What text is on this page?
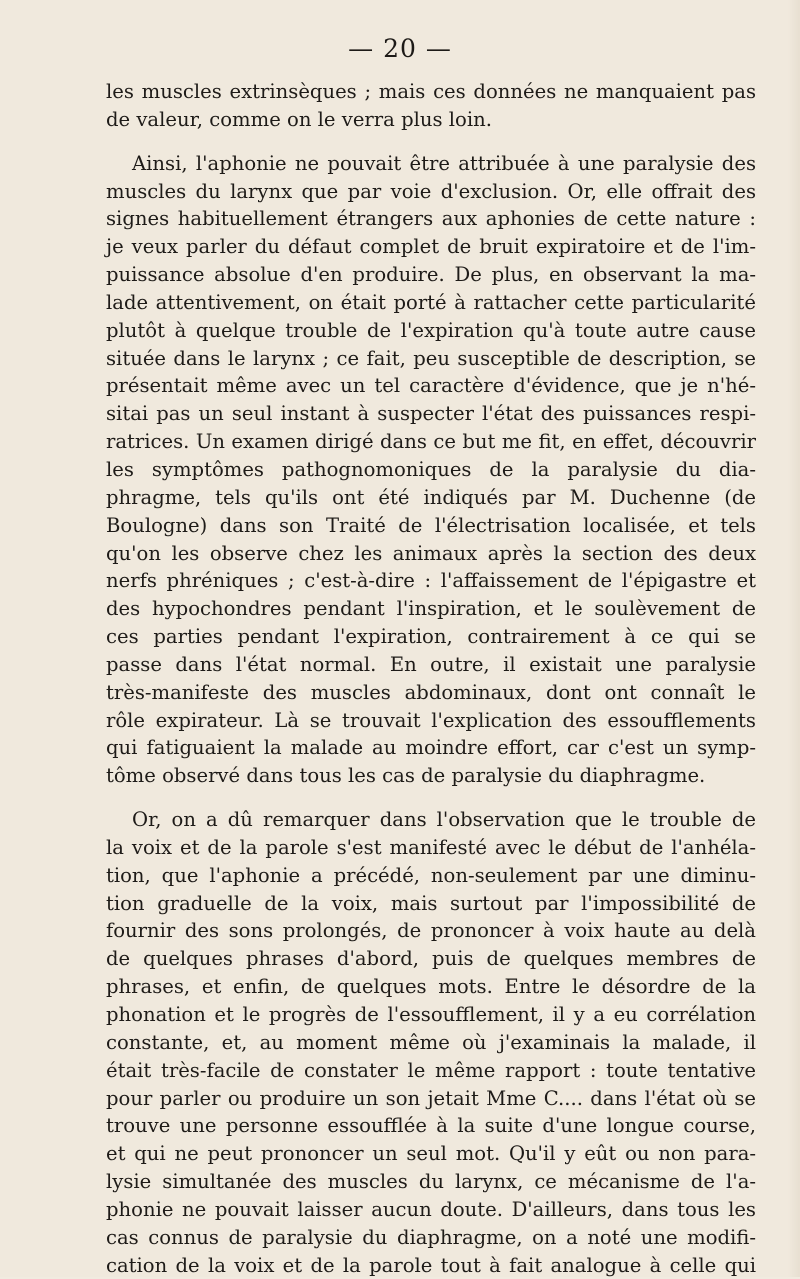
— 20 —

les muscles extrinsèques ; mais ces données ne manquaient pas
de valeur, comme on le verra plus loin.

Ainsi, l'aphonie ne pouvait être attribuée à une paralysie des
muscles du larynx que par voie d'exclusion. Or, elle offrait des
signes habituellement étrangers aux aphonies de cette nature :
je veux parler du défaut complet de bruit expiratoire et de l'im-
puissance absolue d'en produire. De plus, en observant la ma-
lade attentivement, on était porté à rattacher cette particularité
plutôt à quelque trouble de l'expiration qu'à toute autre cause
située dans le larynx ; ce fait, peu susceptible de description, se
présentait même avec un tel caractère d'évidence, que je n'hé-
sitai pas un seul instant à suspecter l'état des puissances respi-
ratrices. Un examen dirigé dans ce but me fit, en effet, découvrir
les symptômes pathognomoniques de la paralysie du dia-
phragme, tels qu'ils ont été indiqués par M. Duchenne (de
Boulogne) dans son Traité de l'électrisation localisée, et tels
qu'on les observe chez les animaux après la section des deux
nerfs phréniques ; c'est-à-dire : l'affaissement de l'épigastre et
des hypochondres pendant l'inspiration, et le soulèvement de
ces parties pendant l'expiration, contrairement à ce qui se
passe dans l'état normal. En outre, il existait une paralysie
très-manifeste des muscles abdominaux, dont ont connaît le
rôle expirateur. Là se trouvait l'explication des essoufflements
qui fatiguaient la malade au moindre effort, car c'est un symp-
tôme observé dans tous les cas de paralysie du diaphragme.

Or, on a dû remarquer dans l'observation que le trouble de
la voix et de la parole s'est manifesté avec le début de l'anhéla-
tion, que l'aphonie a précédé, non-seulement par une diminu-
tion graduelle de la voix, mais surtout par l'impossibilité de
fournir des sons prolongés, de prononcer à voix haute au delà
de quelques phrases d'abord, puis de quelques membres de
phrases, et enfin, de quelques mots. Entre le désordre de la
phonation et le progrès de l'essoufflement, il y a eu corrélation
constante, et, au moment même où j'examinais la malade, il
était très-facile de constater le même rapport : toute tentative
pour parler ou produire un son jetait Mme C.... dans l'état où se
trouve une personne essoufflée à la suite d'une longue course,
et qui ne peut prononcer un seul mot. Qu'il y eût ou non para-
lysie simultanée des muscles du larynx, ce mécanisme de l'a-
phonie ne pouvait laisser aucun doute. D'ailleurs, dans tous les
cas connus de paralysie du diaphragme, on a noté une modifi-
cation de la voix et de la parole tout à fait analogue à celle qui
